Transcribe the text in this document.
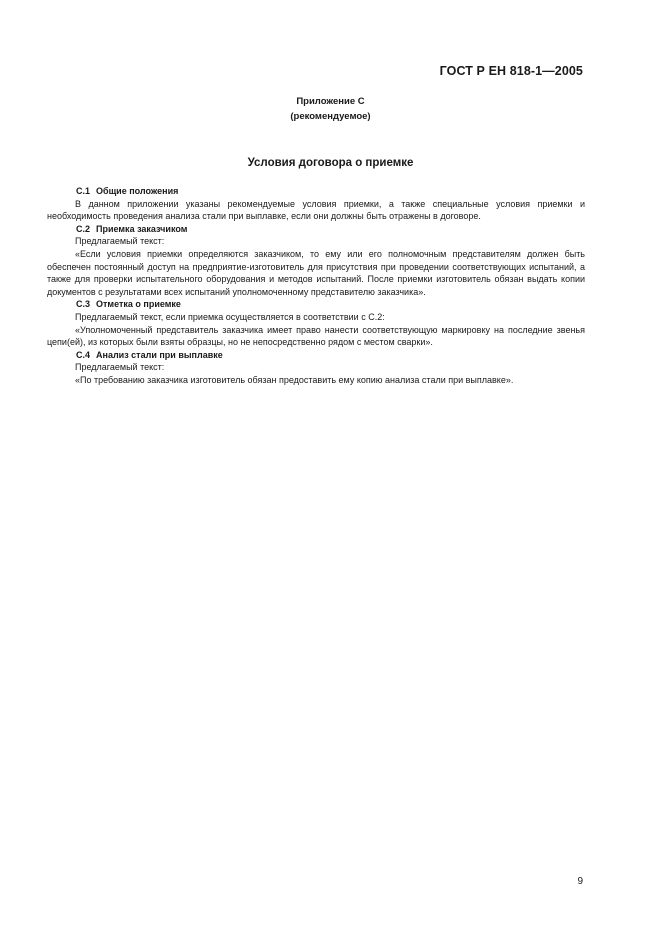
ГОСТ Р ЕН 818-1—2005
Приложение С
(рекомендуемое)
Условия договора о приемке
С.1 Общие положения
В данном приложении указаны рекомендуемые условия приемки, а также специальные условия приемки и необходимость проведения анализа стали при выплавке, если они должны быть отражены в договоре.
С.2 Приемка заказчиком
Предлагаемый текст:
«Если условия приемки определяются заказчиком, то ему или его полномочным представителям должен быть обеспечен постоянный доступ на предприятие-изготовитель для присутствия при проведении соответствующих испытаний, а также для проверки испытательного оборудования и методов испытаний. После приемки изготовитель обязан выдать копии документов с результатами всех испытаний уполномоченному представителю заказчика».
С.3 Отметка о приемке
Предлагаемый текст, если приемка осуществляется в соответствии с С.2:
«Уполномоченный представитель заказчика имеет право нанести соответствующую маркировку на последние звенья цепи(ей), из которых были взяты образцы, но не непосредственно рядом с местом сварки».
С.4 Анализ стали при выплавке
Предлагаемый текст:
«По требованию заказчика изготовитель обязан предоставить ему копию анализа стали при выплавке».
9
